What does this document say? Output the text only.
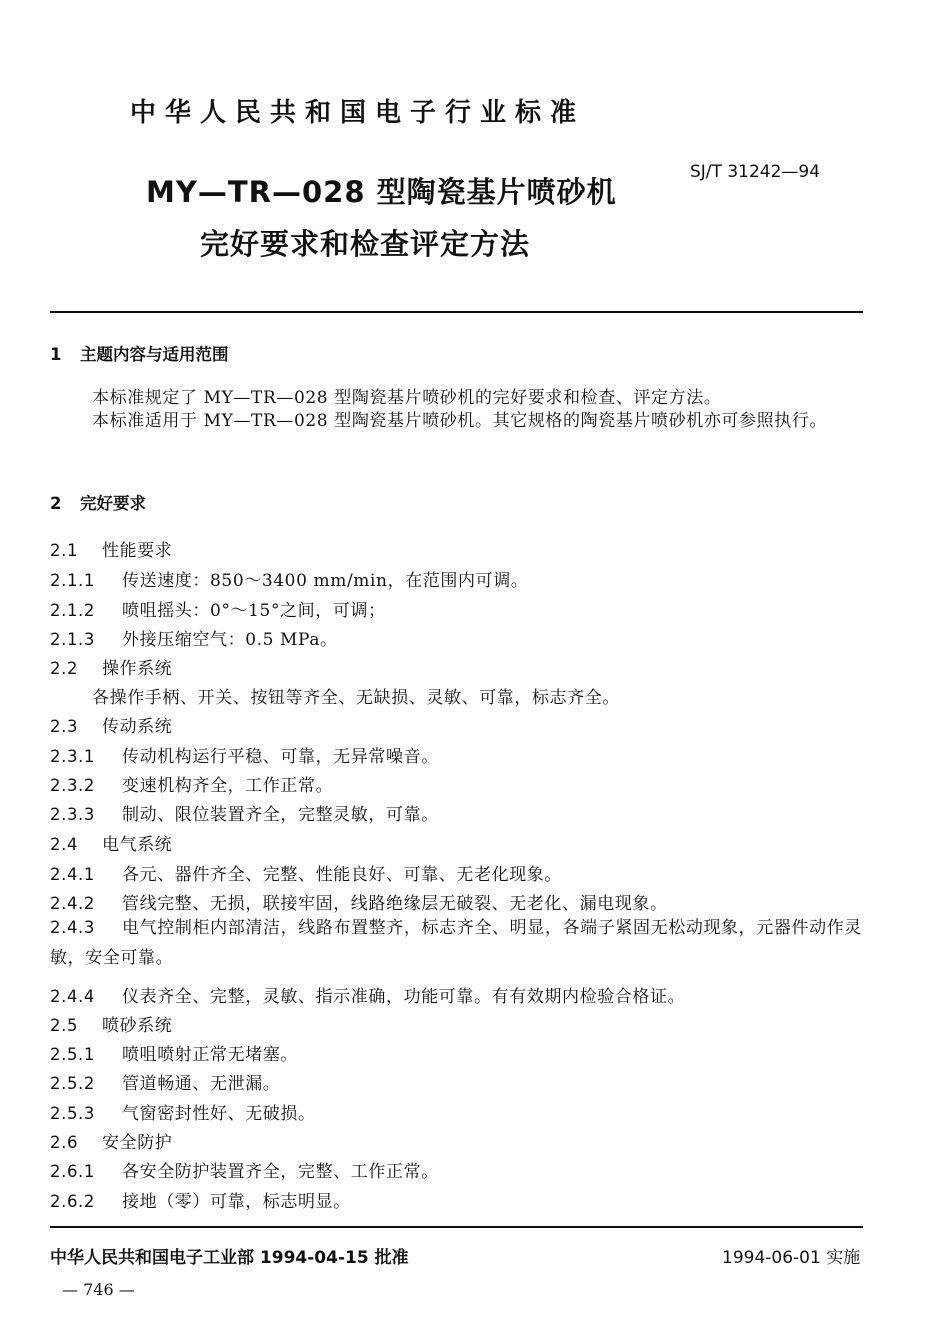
中华人民共和国电子行业标准
SJ/T 31242—94
MY—TR—028 型陶瓷基片喷砂机
完好要求和检查评定方法
1 主题内容与适用范围
本标准规定了 MY—TR—028 型陶瓷基片喷砂机的完好要求和检查、评定方法。
本标准适用于 MY—TR—028 型陶瓷基片喷砂机。其它规格的陶瓷基片喷砂机亦可参照执行。
2 完好要求
2.1 性能要求
2.1.1 传送速度：850～3400 mm/min，在范围内可调。
2.1.2 喷咀摇头：0°～15°之间，可调；
2.1.3 外接压缩空气：0.5 MPa。
2.2 操作系统
各操作手柄、开关、按钮等齐全、无缺损、灵敏、可靠，标志齐全。
2.3 传动系统
2.3.1 传动机构运行平稳、可靠，无异常噪音。
2.3.2 变速机构齐全，工作正常。
2.3.3 制动、限位装置齐全，完整灵敏，可靠。
2.4 电气系统
2.4.1 各元、器件齐全、完整、性能良好、可靠、无老化现象。
2.4.2 管线完整、无损，联接牢固，线路绝缘层无破裂、无老化、漏电现象。
2.4.3 电气控制柜内部清洁，线路布置整齐，标志齐全、明显，各端子紧固无松动现象，元器件动作灵敏，安全可靠。
2.4.4 仪表齐全、完整，灵敏、指示准确，功能可靠。有有效期内检验合格证。
2.5 喷砂系统
2.5.1 喷咀喷射正常无堵塞。
2.5.2 管道畅通、无泄漏。
2.5.3 气窗密封性好、无破损。
2.6 安全防护
2.6.1 各安全防护装置齐全，完整、工作正常。
2.6.2 接地（零）可靠，标志明显。
中华人民共和国电子工业部 1994-04-15 批准	1994-06-01 实施
— 746 —
